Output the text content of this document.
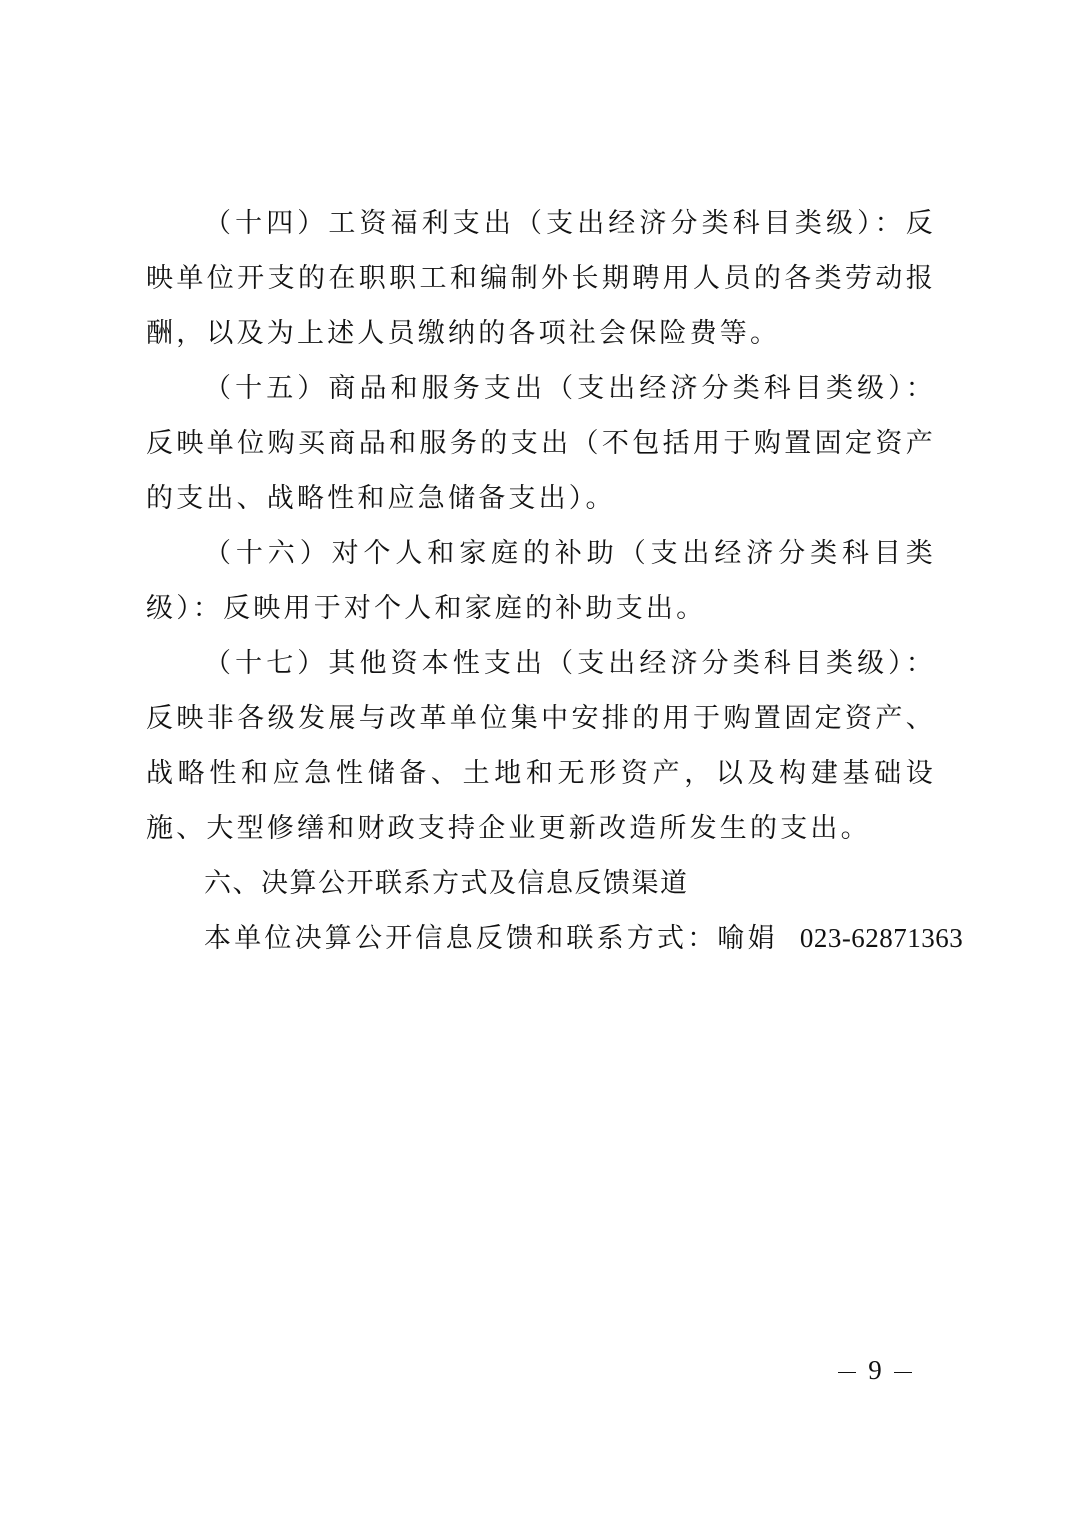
（十四）工资福利支出（支出经济分类科目类级）：反映单位开支的在职职工和编制外长期聘用人员的各类劳动报酬，以及为上述人员缴纳的各项社会保险费等。

（十五）商品和服务支出（支出经济分类科目类级）：反映单位购买商品和服务的支出（不包括用于购置固定资产的支出、战略性和应急储备支出）。

（十六）对个人和家庭的补助（支出经济分类科目类级）：反映用于对个人和家庭的补助支出。

（十七）其他资本性支出（支出经济分类科目类级）：反映非各级发展与改革单位集中安排的用于购置固定资产、战略性和应急性储备、土地和无形资产，以及构建基础设施、大型修缮和财政支持企业更新改造所发生的支出。

六、决算公开联系方式及信息反馈渠道

本单位决算公开信息反馈和联系方式：喻娟 023-62871363

9
